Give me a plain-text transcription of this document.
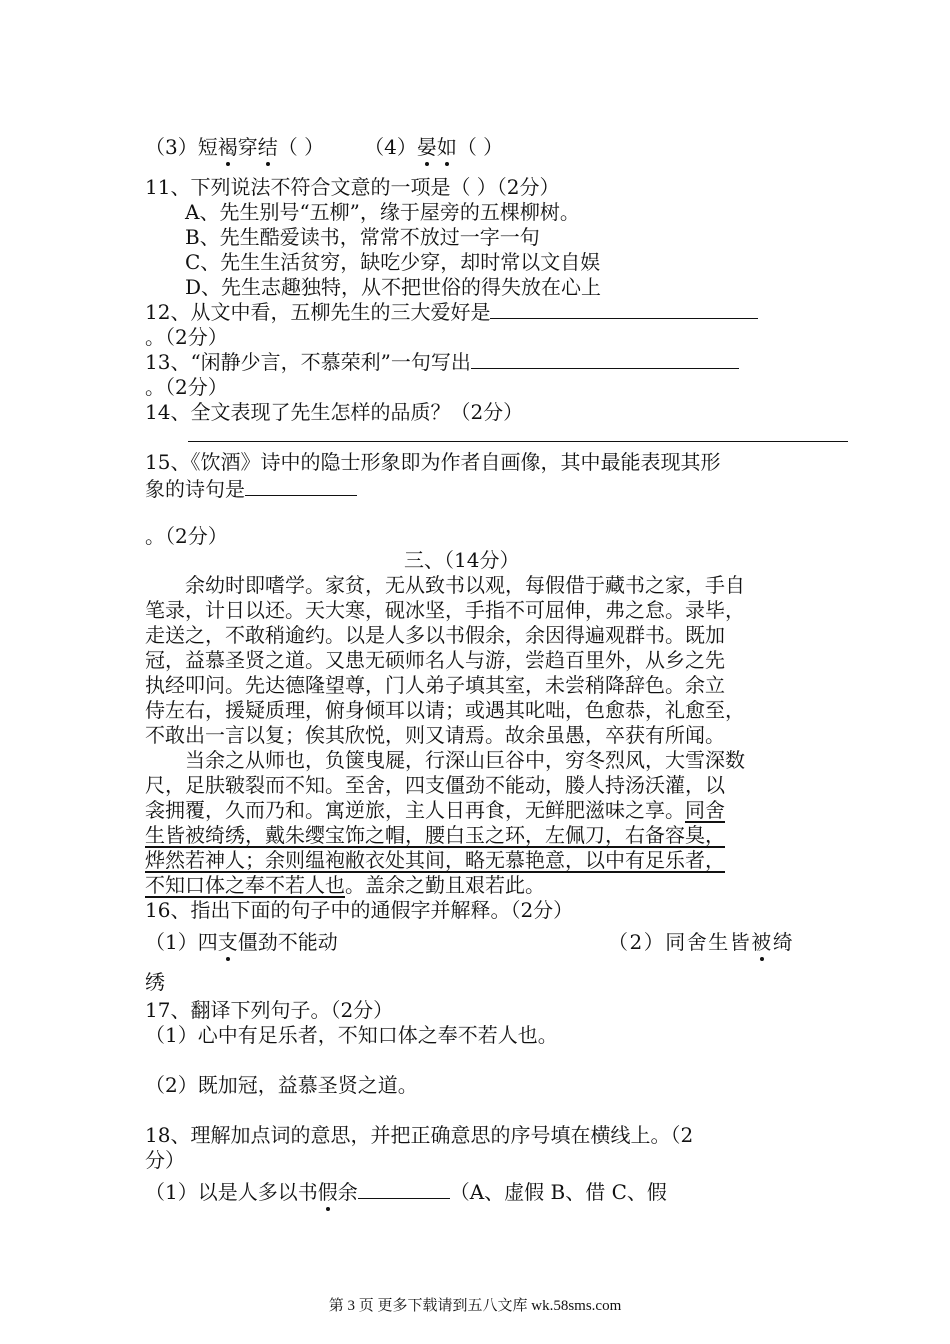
（3）短褐穿结（ ） （4）晏如（ ）
11、下列说法不符合文意的一项是（ ）（2分）
A、先生别号“五柳”，缘于屋旁的五棵柳树。
B、先生酷爱读书，常常不放过一字一句
C、先生生活贫穷，缺吃少穿，却时常以文自娱
D、先生志趣独特，从不把世俗的得失放在心上
12、从文中看，五柳先生的三大爱好是
。（2分）
13、“闲静少言，不慕荣利”一句写出
。（2分）
14、全文表现了先生怎样的品质？（2分）
15、《饮酒》诗中的隐士形象即为作者自画像，其中最能表现其形
象的诗句是
。（2分）
三、（14分）
余幼时即嗜学。家贫，无从致书以观，每假借于藏书之家，手自
笔录，计日以还。天大寒，砚冰坚，手指不可屈伸，弗之怠。录毕，
走送之，不敢稍逾约。以是人多以书假余，余因得遍观群书。既加
冠，益慕圣贤之道。又患无硕师名人与游，尝趋百里外，从乡之先
执经叩问。先达德隆望尊，门人弟子填其室，未尝稍降辞色。余立
侍左右，援疑质理，俯身倾耳以请；或遇其叱咄，色愈恭，礼愈至，
不敢出一言以复；俟其欣悦，则又请焉。故余虽愚，卒获有所闻。
当余之从师也，负箧曳屣，行深山巨谷中，穷冬烈风，大雪深数
尺，足肤皲裂而不知。至舍，四支僵劲不能动，媵人持汤沃灌，以
衾拥覆，久而乃和。寓逆旅，主人日再食，无鲜肥滋味之享。同舍
生皆被绮绣，戴朱缨宝饰之帽，腰白玉之环，左佩刀，右备容臭，
烨然若神人；余则缊袍敝衣处其间，略无慕艳意，以中有足乐者，
不知口体之奉不若人也。盖余之勤且艰若此。
16、指出下面的句子中的通假字并解释。（2分）
（1）四支僵劲不能动	（2）同舍生皆被绮
绣
17、翻译下列句子。（2分）
（1）心中有足乐者，不知口体之奉不若人也。
（2）既加冠，益慕圣贤之道。
18、理解加点词的意思，并把正确意思的序号填在横线上。（2
分）
（1）以是人多以书假余	（A、虚假 B、借 C、假
第 3 页 更多下载请到五八文库 wk.58sms.com
